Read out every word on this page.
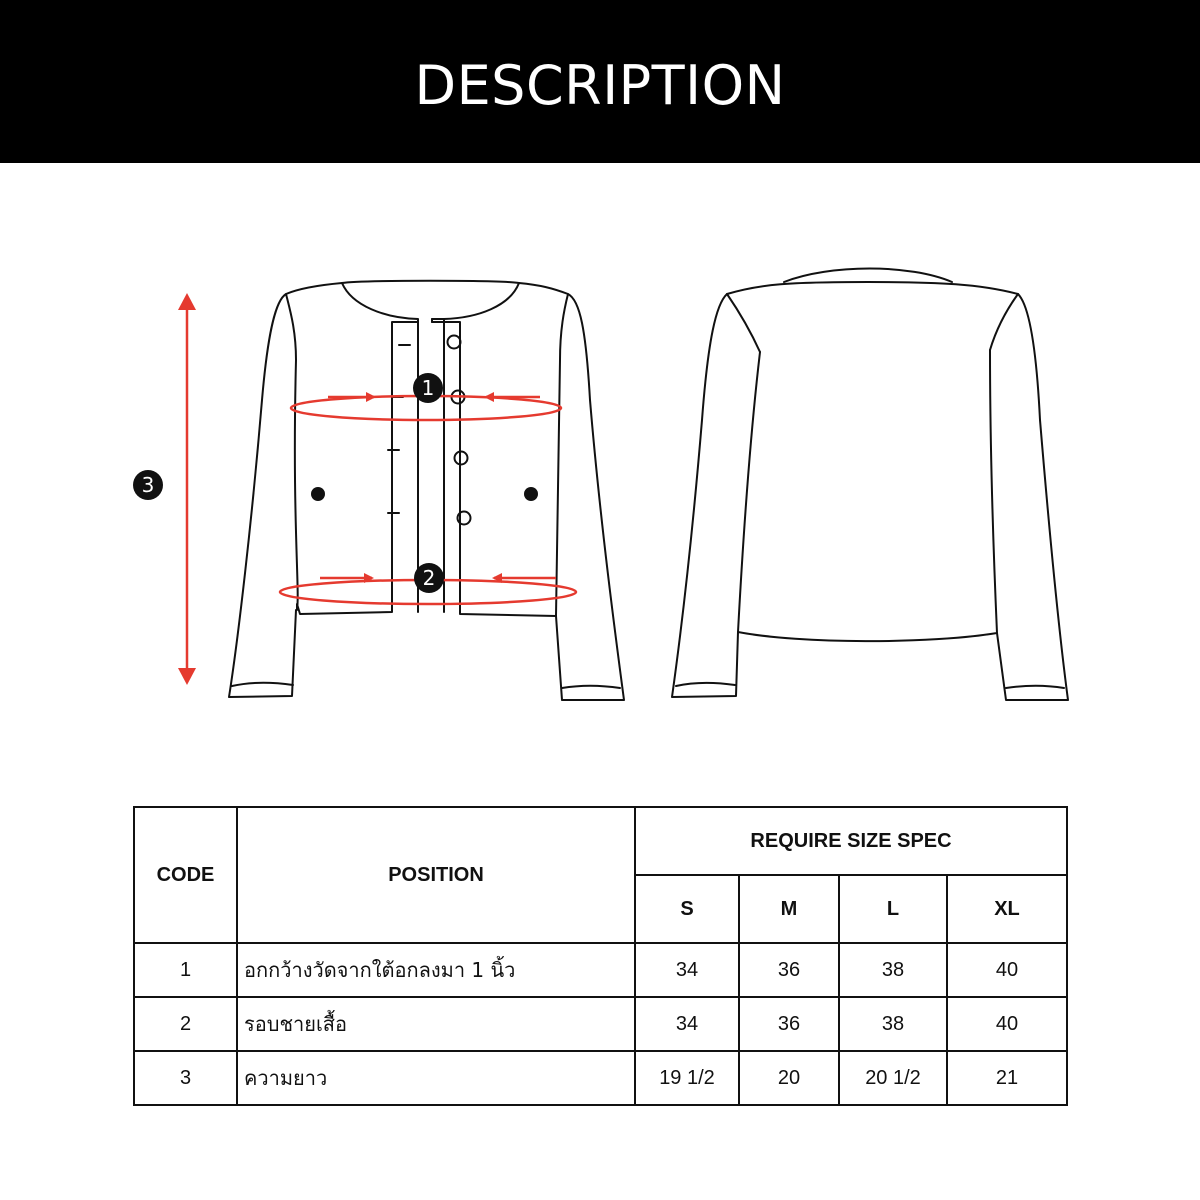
DESCRIPTION
1
2
3
CODE	POSITION	REQUIRE SIZE SPEC			
		S	M	L	XL
1	อกกว้างวัดจากใต้อกลงมา 1 นิ้ว	34	36	38	40
2	รอบชายเสื้อ	34	36	38	40
3	ความยาว	19 1/2	20	20 1/2	21
